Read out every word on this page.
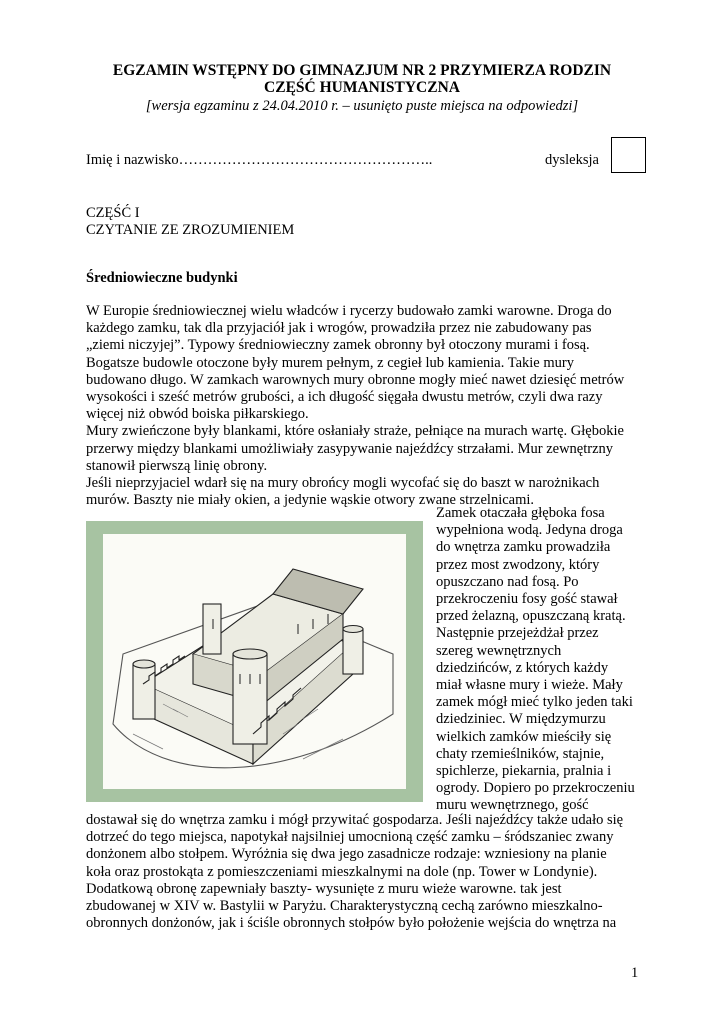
EGZAMIN WSTĘPNY DO GIMNAZJUM NR 2 PRZYMIERZA RODZIN
CZĘŚĆ HUMANISTYCZNA

[wersja egzaminu z 24.04.2010 r. – usunięto puste miejsca na odpowiedzi]

Imię i nazwisko……………………………………………..	dysleksja

CZĘŚĆ I

CZYTANIE ZE ZROZUMIENIEM

Średniowieczne budynki

W Europie średniowiecznej wielu władców i rycerzy budowało zamki warowne. Droga do
każdego zamku, tak dla przyjaciół jak i wrogów, prowadziła przez nie zabudowany pas
„ziemi niczyjej”. Typowy średniowieczny zamek obronny był otoczony murami i fosą.
Bogatsze budowle otoczone były murem pełnym, z cegieł lub kamienia. Takie mury
budowano długo. W zamkach warownych mury obronne mogły mieć nawet dziesięć metrów
wysokości i sześć metrów grubości, a ich długość sięgała dwustu metrów, czyli dwa razy
więcej niż obwód boiska piłkarskiego.
Mury zwieńczone były blankami, które osłaniały straże, pełniące na murach wartę. Głębokie
przerwy między blankami umożliwiały zasypywanie najeźdźcy strzałami. Mur zewnętrzny
stanowił pierwszą linię obrony.
Jeśli nieprzyjaciel wdarł się na mury obrońcy mogli wycofać się do baszt w narożnikach
murów. Baszty nie miały okien, a jedynie wąskie otwory zwane strzelnicami.
Zamek otaczała głęboka fosa
wypełniona wodą. Jedyna droga
do wnętrza zamku prowadziła
przez most zwodzony, który
opuszczano nad fosą. Po
przekroczeniu fosy gość stawał
przed żelazną, opuszczaną kratą.
Następnie przejeżdżał przez
szereg wewnętrznych
dziedzińców, z których każdy
miał własne mury i wieże. Mały
zamek mógł mieć tylko jeden taki
dziedziniec. W międzymurzu
wielkich zamków mieściły się
chaty rzemieślników, stajnie,
spichlerze, piekarnia, pralnia i
ogrody. Dopiero po przekroczeniu
muru wewnętrznego, gość
dostawał się do wnętrza zamku i mógł przywitać gospodarza. Jeśli najeźdźcy także udało się
dotrzeć do tego miejsca, napotykał najsilniej umocnioną część zamku – śródszaniec zwany
donżonem albo stołpem. Wyróżnia się dwa jego zasadnicze rodzaje: wzniesiony na planie
koła oraz prostokąta z pomieszczeniami mieszkalnymi na dole (np. Tower w Londynie).
Dodatkową obronę zapewniały baszty- wysunięte z muru wieże warowne. tak jest
zbudowanej w XIV w. Bastylii w Paryżu. Charakterystyczną cechą zarówno mieszkalno-
obronnych donżonów, jak i ściśle obronnych stołpów było położenie wejścia do wnętrza na

1
